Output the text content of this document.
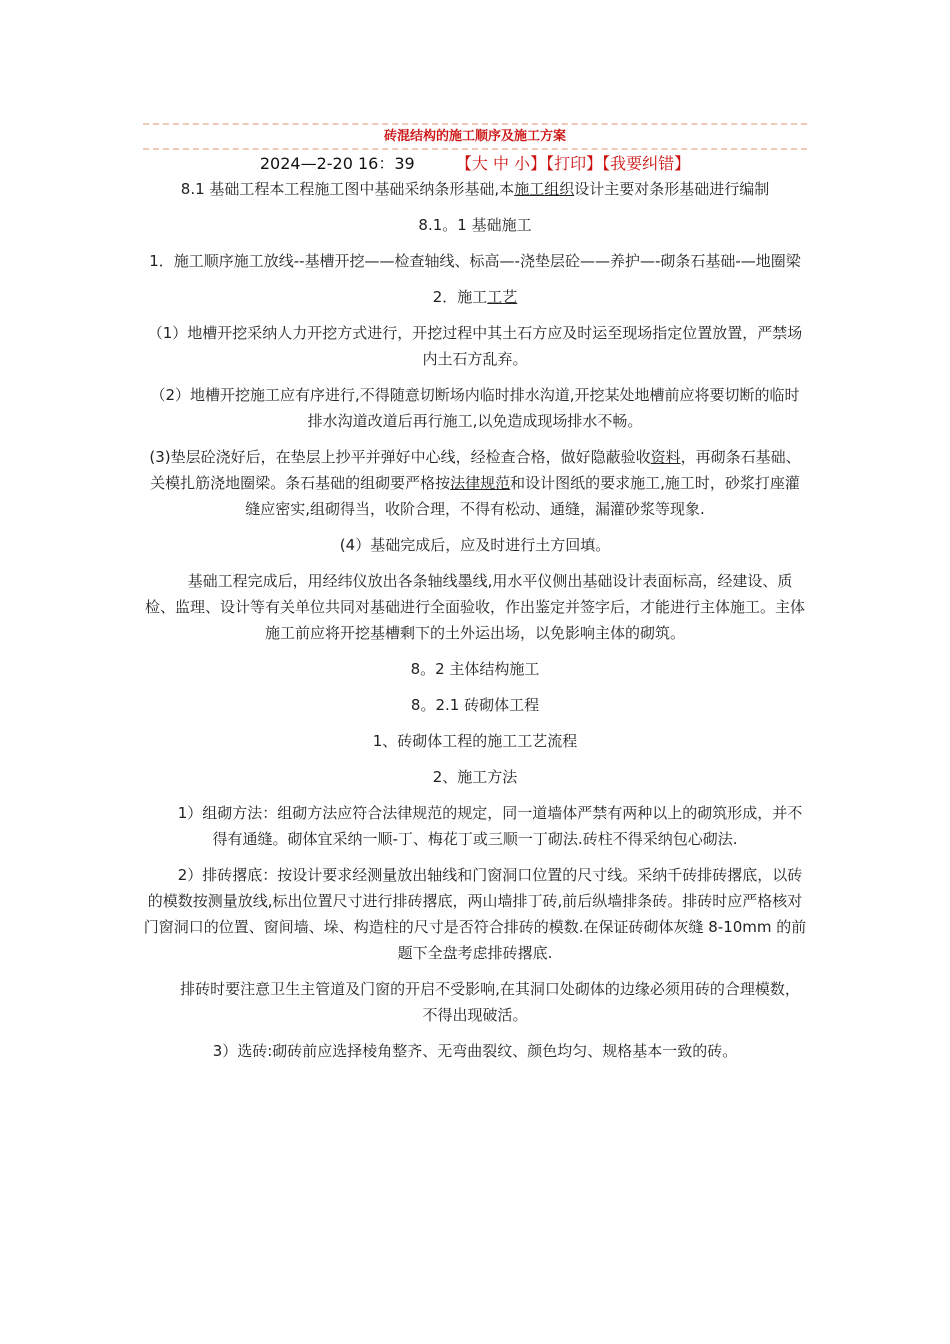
砖混结构的施工顺序及施工方案
2024—2-20 16：39	【大 中 小】【打印】【我要纠错】

8.1 基础工程本工程施工图中基础采纳条形基础,本施工组织设计主要对条形基础进行编制

8.1。1 基础施工

1．施工顺序施工放线--基槽开挖——检查轴线、标高—-浇垫层砼——养护—-砌条石基础-—地圈梁

2．施工工艺

（1）地槽开挖采纳人力开挖方式进行，开挖过程中其土石方应及时运至现场指定位置放置，严禁场内土石方乱弃。

（2）地槽开挖施工应有序进行,不得随意切断场内临时排水沟道,开挖某处地槽前应将要切断的临时排水沟道改道后再行施工,以免造成现场排水不畅。

(3)垫层砼浇好后，在垫层上抄平并弹好中心线，经检查合格，做好隐蔽验收资料，再砌条石基础、关模扎筋浇地圈梁。条石基础的组砌要严格按法律规范和设计图纸的要求施工,施工时，砂浆打座灌缝应密实,组砌得当，收阶合理，不得有松动、通缝，漏灌砂浆等现象.

(4）基础完成后，应及时进行土方回填。

基础工程完成后，用经纬仪放出各条轴线墨线,用水平仪侧出基础设计表面标高，经建设、质检、监理、设计等有关单位共同对基础进行全面验收，作出鉴定并签字后，才能进行主体施工。主体施工前应将开挖基槽剩下的土外运出场，以免影响主体的砌筑。

8。2 主体结构施工

8。2.1 砖砌体工程

1、砖砌体工程的施工工艺流程

2、施工方法

1）组砌方法：组砌方法应符合法律规范的规定，同一道墙体严禁有两种以上的砌筑形成，并不得有通缝。砌体宜采纳一顺-丁、梅花丁或三顺一丁砌法.砖柱不得采纳包心砌法.

2）排砖撂底：按设计要求经测量放出轴线和门窗洞口位置的尺寸线。采纳千砖排砖撂底，以砖的模数按测量放线,标出位置尺寸进行排砖撂底，两山墙排丁砖,前后纵墙排条砖。排砖时应严格核对门窗洞口的位置、窗间墙、垛、构造柱的尺寸是否符合排砖的模数.在保证砖砌体灰缝 8-10mm 的前题下全盘考虑排砖撂底.

排砖时要注意卫生主管道及门窗的开启不受影响,在其洞口处砌体的边缘必须用砖的合理模数，不得出现破活。

3）选砖:砌砖前应选择棱角整齐、无弯曲裂纹、颜色均匀、规格基本一致的砖。
